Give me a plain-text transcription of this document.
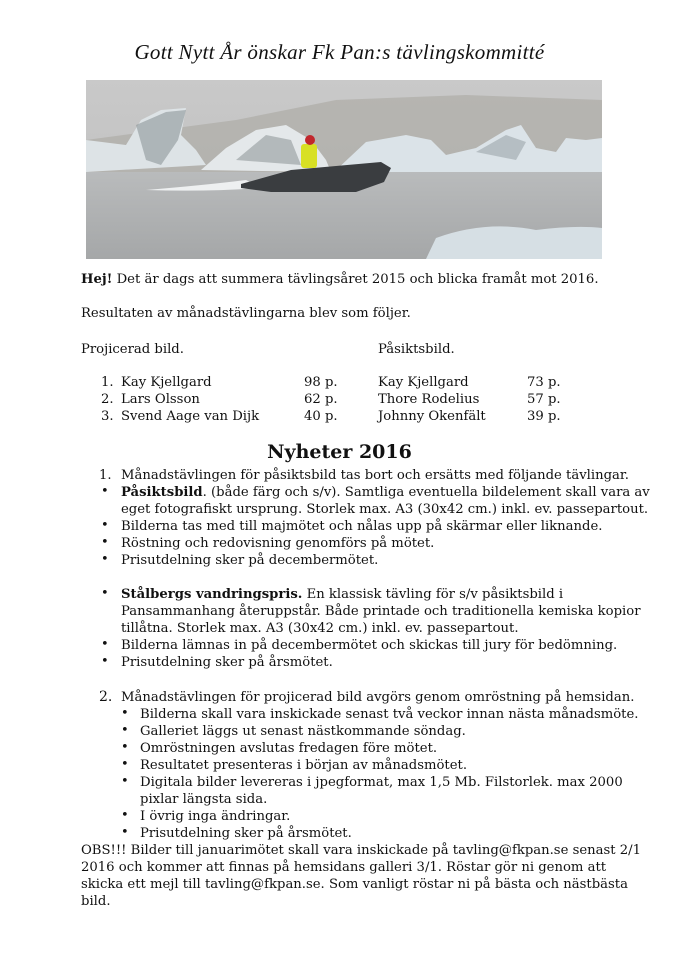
Gott Nytt År önskar Fk Pan:s tävlingskommitté
Hej! Det är dags att summera tävlingsåret 2015 och blicka framåt mot 2016.
Resultaten av månadstävlingarna blev som följer.
Projicerad bild.	Påsiktsbild.
1. Kay Kjellgard	98 p.	Kay Kjellgard	73 p.
2. Lars Olsson	62 p.	Thore Rodelius	57 p.
3. Svend Aage van Dijk	40 p.	Johnny Okenfält	39 p.
Nyheter 2016
1. Månadstävlingen för påsiktsbild tas bort och ersätts med följande tävlingar.
• Påsiktsbild. (både färg och s/v). Samtliga eventuella bildelement skall vara av
eget fotografiskt ursprung. Storlek max. A3 (30x42 cm.) inkl. ev. passepartout.
• Bilderna tas med till majmötet och nålas upp på skärmar eller liknande.
• Röstning och redovisning genomförs på mötet.
• Prisutdelning sker på decembermötet.
• Stålbergs vandringspris. En klassisk tävling för s/v påsiktsbild i
Pansammanhang återuppstår. Både printade och traditionella kemiska kopior
tillåtna. Storlek max. A3 (30x42 cm.) inkl. ev. passepartout.
• Bilderna lämnas in på decembermötet och skickas till jury för bedömning.
• Prisutdelning sker på årsmötet.
2. Månadstävlingen för projicerad bild avgörs genom omröstning på hemsidan.
• Bilderna skall vara inskickade senast två veckor innan nästa månadsmöte.
• Galleriet läggs ut senast nästkommande söndag.
• Omröstningen avslutas fredagen före mötet.
• Resultatet presenteras i början av månadsmötet.
• Digitala bilder levereras i jpegformat, max 1,5 Mb. Filstorlek. max 2000
pixlar längsta sida.
• I övrig inga ändringar.
• Prisutdelning sker på årsmötet.
OBS!!! Bilder till januarimötet skall vara inskickade på tavling@fkpan.se senast 2/1
2016 och kommer att finnas på hemsidans galleri 3/1. Röstar gör ni genom att
skicka ett mejl till tavling@fkpan.se. Som vanligt röstar ni på bästa och nästbästa
bild.
